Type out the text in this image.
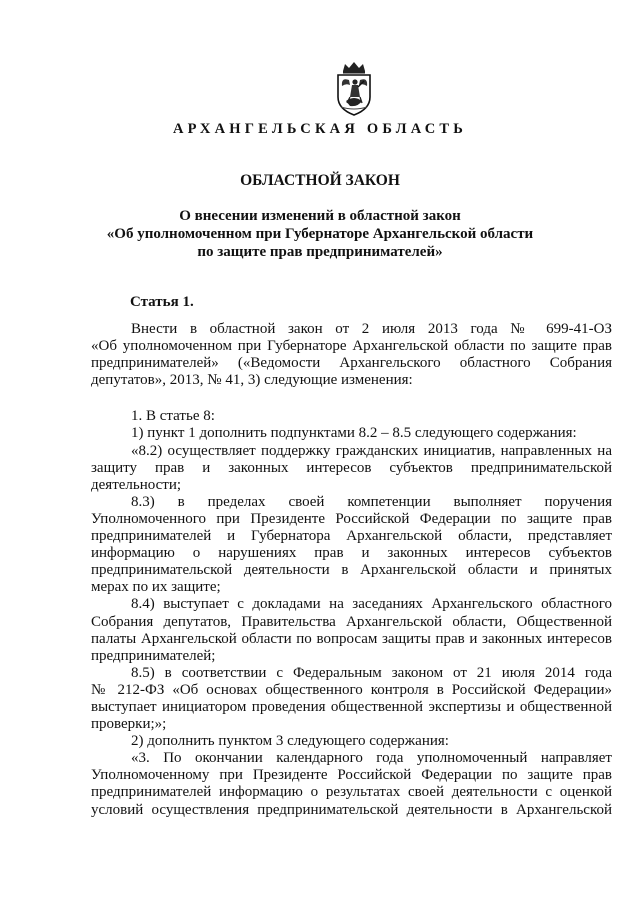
АРХАНГЕЛЬСКАЯ ОБЛАСТЬ
ОБЛАСТНОЙ ЗАКОН
О внесении изменений в областной закон
«Об уполномоченном при Губернаторе Архангельской области
по защите прав предпринимателей»
Статья 1.
Внести в областной закон от 2 июля 2013 года № 699-41-ОЗ
«Об уполномоченном при Губернаторе Архангельской области по защите прав
предпринимателей» («Ведомости Архангельского областного Собрания
депутатов», 2013, № 41, 3) следующие изменения:
1. В статье 8:
1) пункт 1 дополнить подпунктами 8.2 – 8.5 следующего содержания:
«8.2) осуществляет поддержку гражданских инициатив, направленных на
защиту прав и законных интересов субъектов предпринимательской
деятельности;
8.3) в пределах своей компетенции выполняет поручения
Уполномоченного при Президенте Российской Федерации по защите прав
предпринимателей и Губернатора Архангельской области, представляет
информацию о нарушениях прав и законных интересов субъектов
предпринимательской деятельности в Архангельской области и принятых
мерах по их защите;
8.4) выступает с докладами на заседаниях Архангельского областного
Собрания депутатов, Правительства Архангельской области, Общественной
палаты Архангельской области по вопросам защиты прав и законных интересов
предпринимателей;
8.5) в соответствии с Федеральным законом от 21 июля 2014 года
№ 212-ФЗ «Об основах общественного контроля в Российской Федерации»
выступает инициатором проведения общественной экспертизы и общественной
проверки;»;
2) дополнить пунктом 3 следующего содержания:
«3. По окончании календарного года уполномоченный направляет
Уполномоченному при Президенте Российской Федерации по защите прав
предпринимателей информацию о результатах своей деятельности с оценкой
условий осуществления предпринимательской деятельности в Архангельской
